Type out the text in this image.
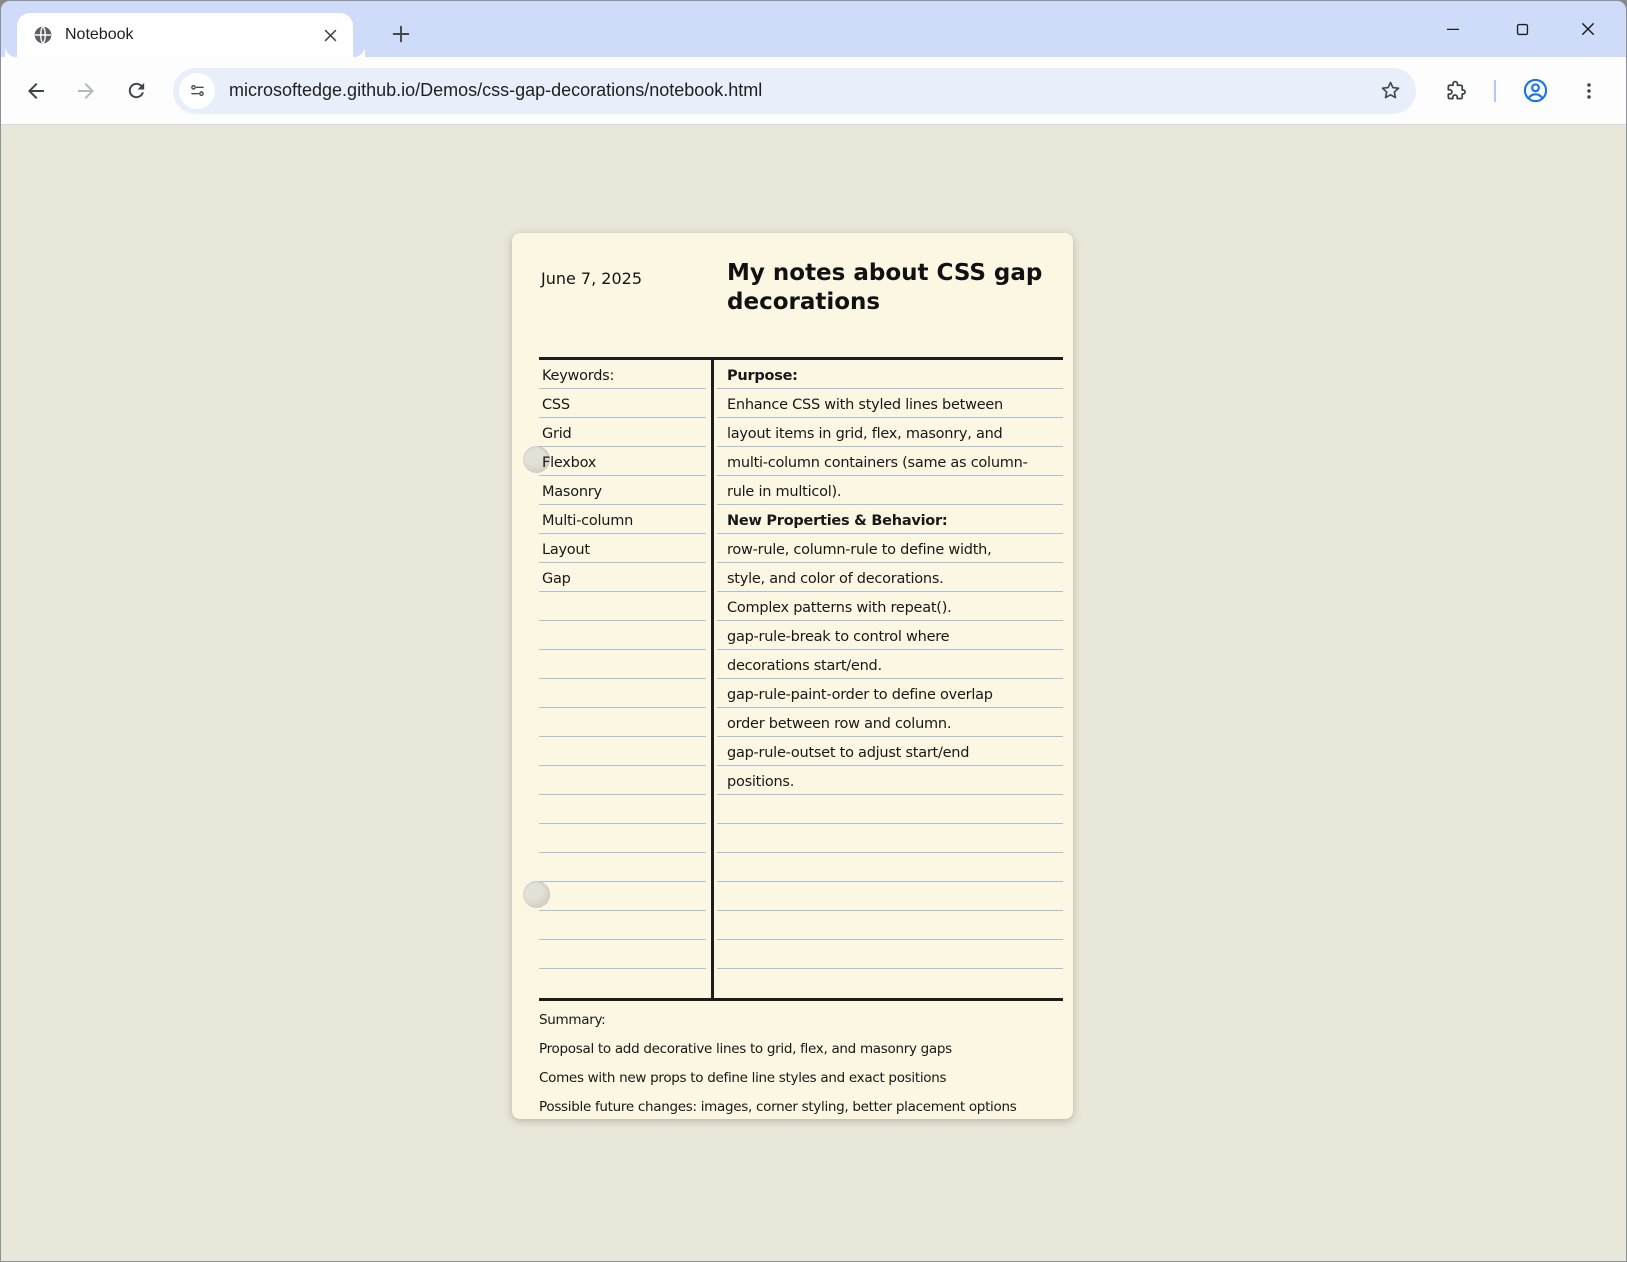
Notebook
microsoftedge.github.io/Demos/css-gap-decorations/notebook.html
June 7, 2025	My notes about CSS gap decorations
Keywords:
CSS
Grid
Flexbox
Masonry
Multi-column
Layout
Gap
Purpose:
Enhance CSS with styled lines between
layout items in grid, flex, masonry, and
multi-column containers (same as column-
rule in multicol).
New Properties & Behavior:
row-rule, column-rule to define width,
style, and color of decorations.
Complex patterns with repeat().
gap-rule-break to control where
decorations start/end.
gap-rule-paint-order to define overlap
order between row and column.
gap-rule-outset to adjust start/end
positions.
Summary:
Proposal to add decorative lines to grid, flex, and masonry gaps
Comes with new props to define line styles and exact positions
Possible future changes: images, corner styling, better placement options
